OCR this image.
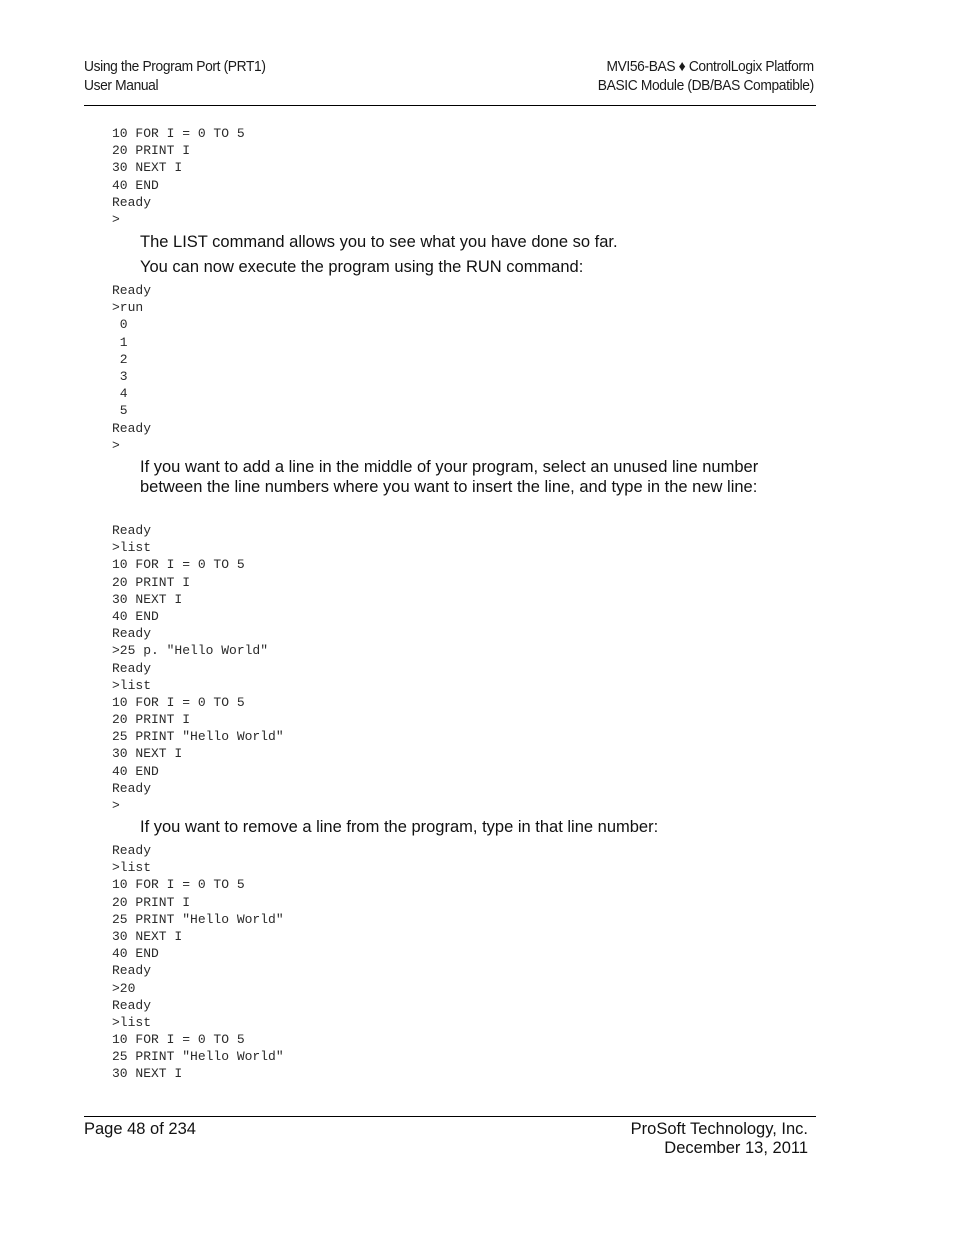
Using the Program Port (PRT1)
User Manual
MVI56-BAS ♦ ControlLogix Platform
BASIC Module (DB/BAS Compatible)
10 FOR I = 0 TO 5
20 PRINT I
30 NEXT I
40 END
Ready
>

The LIST command allows you to see what you have done so far.

You can now execute the program using the RUN command:

Ready
>run
0
1
2
3
4
5
Ready
>

If you want to add a line in the middle of your program, select an unused line number between the line numbers where you want to insert the line, and type in the new line:

Ready
>list
10 FOR I = 0 TO 5
20 PRINT I
30 NEXT I
40 END
Ready
>25 p. "Hello World"
Ready
>list
10 FOR I = 0 TO 5
20 PRINT I
25 PRINT "Hello World"
30 NEXT I
40 END
Ready
>

If you want to remove a line from the program, type in that line number:

Ready
>list
10 FOR I = 0 TO 5
20 PRINT I
25 PRINT "Hello World"
30 NEXT I
40 END
Ready
>20
Ready
>list
10 FOR I = 0 TO 5
25 PRINT "Hello World"
30 NEXT I
Page 48 of 234	ProSoft Technology, Inc.
December 13, 2011
